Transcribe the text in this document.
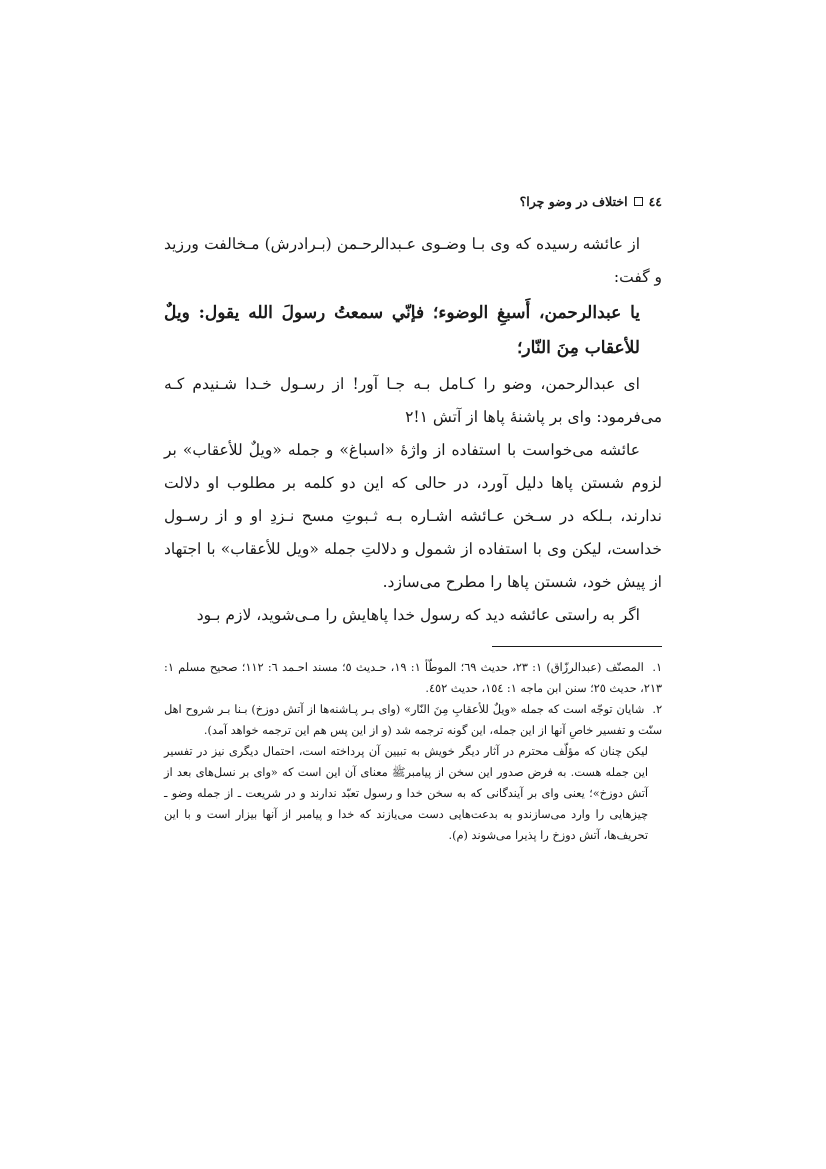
٤٤
اختلاف در وضو چرا؟

از عائشه رسیده که وی بـا وضـوی عـبدالرحـمن (بـرادرش) مـخالفت ورزید و گفت:

يا عبدالرحمن، أَسبغِ الوضوء؛ فإنّي سمعتُ رسولَ الله يقول: ويلٌ للأعقاب مِنَ النّار؛

ای عبدالرحمن، وضو را کـامل بـه جـا آور! از رسـول خـدا شـنیدم کـه می‌فرمود: وای بر پاشنهٔ پاها از آتش ١!٢

عائشه می‌خواست با استفاده از واژهٔ «اسباغ» و جمله «ویلٌ للأعقاب» بر لزوم شستن پاها دلیل آورد، در حالی که این دو کلمه بر مطلوب او دلالت ندارند، بـلکه در سـخن عـائشه اشـاره بـه ثـبوتِ مسح نـزدِ او و از رسـول خداست، لیکن وی با استفاده از شمول و دلالتِ جمله «ویل للأعقاب» با اجتهاد از پیش خود، شستن پاها را مطرح می‌سازد.

اگر به راستی عائشه دید که رسول خدا پاهایش را مـی‌شوید، لازم بـود

١. المصنّف (عبدالرزّاق) ١: ٢٣، حدیث ٦٩؛ الموطّأ ١: ١٩، حـدیث ٥؛ مسند احـمد ٦: ١١٢؛ صحیح مسلم ١: ٢١٣، حدیث ٢٥؛ سنن ابن ماجه ١: ١٥٤، حدیث ٤٥٢.

٢. شایان توجّه است که جمله «ویلٌ للأعقابِ مِنَ النّار» (وای بـر پـاشنه‌ها از آتش دوزخ) بـنا بـر شروح اهل سنّت و تفسیر خاصِ آنها از این جمله، این گونه ترجمه شد (و از این پس هم این ترجمه خواهد آمد).

لیکن چنان که مؤلّف محترم در آثار دیگر خویش به تبیین آن پرداخته است، احتمال دیگری نیز در تفسیر این جمله هست. به فرض صدور این سخن از پیامبرﷺ معنای آن این است که «وای بر نسل‌های بعد از آتش دوزخ»؛ یعنی وای بر آیندگانی که به سخن خدا و رسول تعبّد ندارند و در شریعت ـ از جمله وضو ـ چیزهایی را وارد می‌سازندو به بدعت‌هایی دست می‌یازند که خدا و پیامبر از آنها بیزار است و با این تحریف‌ها، آتش دوزخ را پذیرا می‌شوند (م).
